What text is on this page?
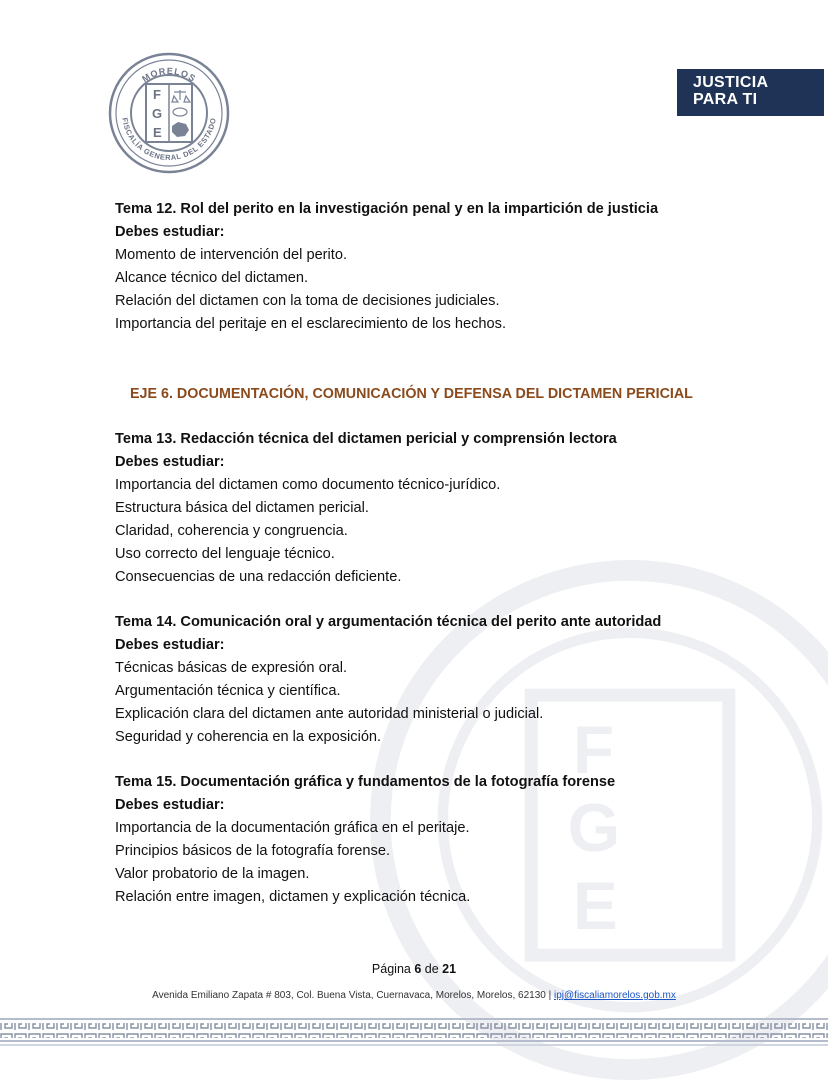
F
G
E
MORELOS
FISCALÍA GENERAL DEL ESTADO
F
G
E
JUSTICIA
PARA TI
Tema 12. Rol del perito en la investigación penal y en la impartición de justicia
Debes estudiar:
Momento de intervención del perito.
Alcance técnico del dictamen.
Relación del dictamen con la toma de decisiones judiciales.
Importancia del peritaje en el esclarecimiento de los hechos.
EJE 6. DOCUMENTACIÓN, COMUNICACIÓN Y DEFENSA DEL DICTAMEN PERICIAL
Tema 13. Redacción técnica del dictamen pericial y comprensión lectora
Debes estudiar:
Importancia del dictamen como documento técnico-jurídico.
Estructura básica del dictamen pericial.
Claridad, coherencia y congruencia.
Uso correcto del lenguaje técnico.
Consecuencias de una redacción deficiente.
Tema 14. Comunicación oral y argumentación técnica del perito ante autoridad
Debes estudiar:
Técnicas básicas de expresión oral.
Argumentación técnica y científica.
Explicación clara del dictamen ante autoridad ministerial o judicial.
Seguridad y coherencia en la exposición.
Tema 15. Documentación gráfica y fundamentos de la fotografía forense
Debes estudiar:
Importancia de la documentación gráfica en el peritaje.
Principios básicos de la fotografía forense.
Valor probatorio de la imagen.
Relación entre imagen, dictamen y explicación técnica.
Página 6 de 21
Avenida Emiliano Zapata # 803, Col. Buena Vista, Cuernavaca, Morelos, Morelos, 62130 | ipj@fiscaliamorelos.gob.mx
